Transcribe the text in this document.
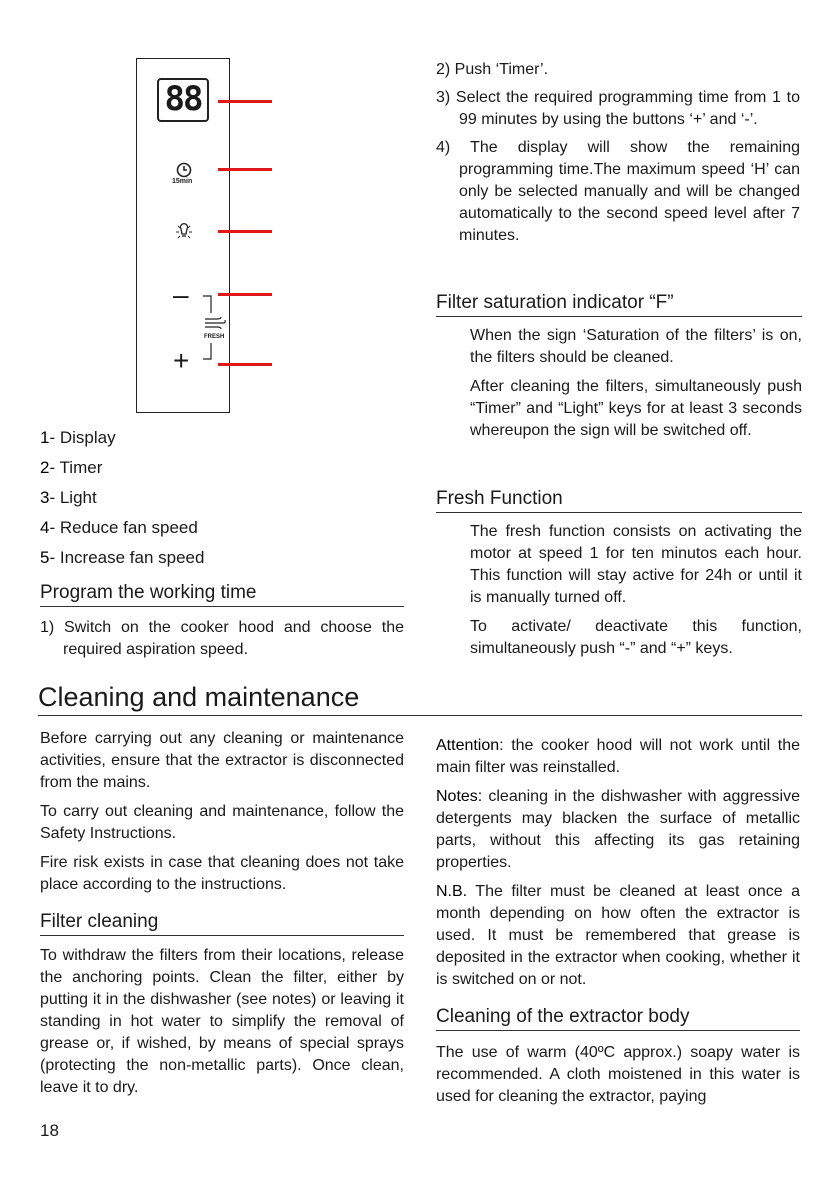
88
15min
–
FRESH
+
1- Display
2- Timer
3- Light
4- Reduce fan speed
5- Increase fan speed
Program the working time

1) Switch on the cooker hood and choose the required aspiration speed.

2) Push ‘Timer’.

3) Select the required programming time from 1 to 99 minutes by using the buttons ‘+’ and ‘-’.

4) The display will show the remaining programming time.The maximum speed ‘H’ can only be selected manually and will be changed automatically to the second speed level after 7 minutes.

Filter saturation indicator “F”

When the sign ‘Saturation of the filters’ is on, the filters should be cleaned.

After cleaning the filters, simultaneously push “Timer” and “Light” keys for at least 3 seconds whereupon the sign will be switched off.

Fresh Function

The fresh function consists on activating the motor at speed 1 for ten minutos each hour. This function will stay active for 24h or until it is manually turned off.

To activate/ deactivate this function, simultaneously push “-” and “+” keys.

Cleaning and maintenance

Before carrying out any cleaning or maintenance activities, ensure that the extractor is disconnected from the mains.

To carry out cleaning and maintenance, follow the Safety Instructions.

Fire risk exists in case that cleaning does not take place according to the instructions.

Filter cleaning

To withdraw the filters from their locations, release the anchoring points. Clean the filter, either by putting it in the dishwasher (see notes) or leaving it standing in hot water to simplify the removal of grease or, if wished, by means of special sprays (protecting the non-metallic parts). Once clean, leave it to dry.

Attention: the cooker hood will not work until the main filter was reinstalled.

Notes: cleaning in the dishwasher with aggressive detergents may blacken the surface of metallic parts, without this affecting its gas retaining properties.

N.B. The filter must be cleaned at least once a month depending on how often the extractor is used. It must be remembered that grease is deposited in the extractor when cooking, whether it is switched on or not.

Cleaning of the extractor body

The use of warm (40ºC approx.) soapy water is recommended. A cloth moistened in this water is used for cleaning the extractor, paying

18
